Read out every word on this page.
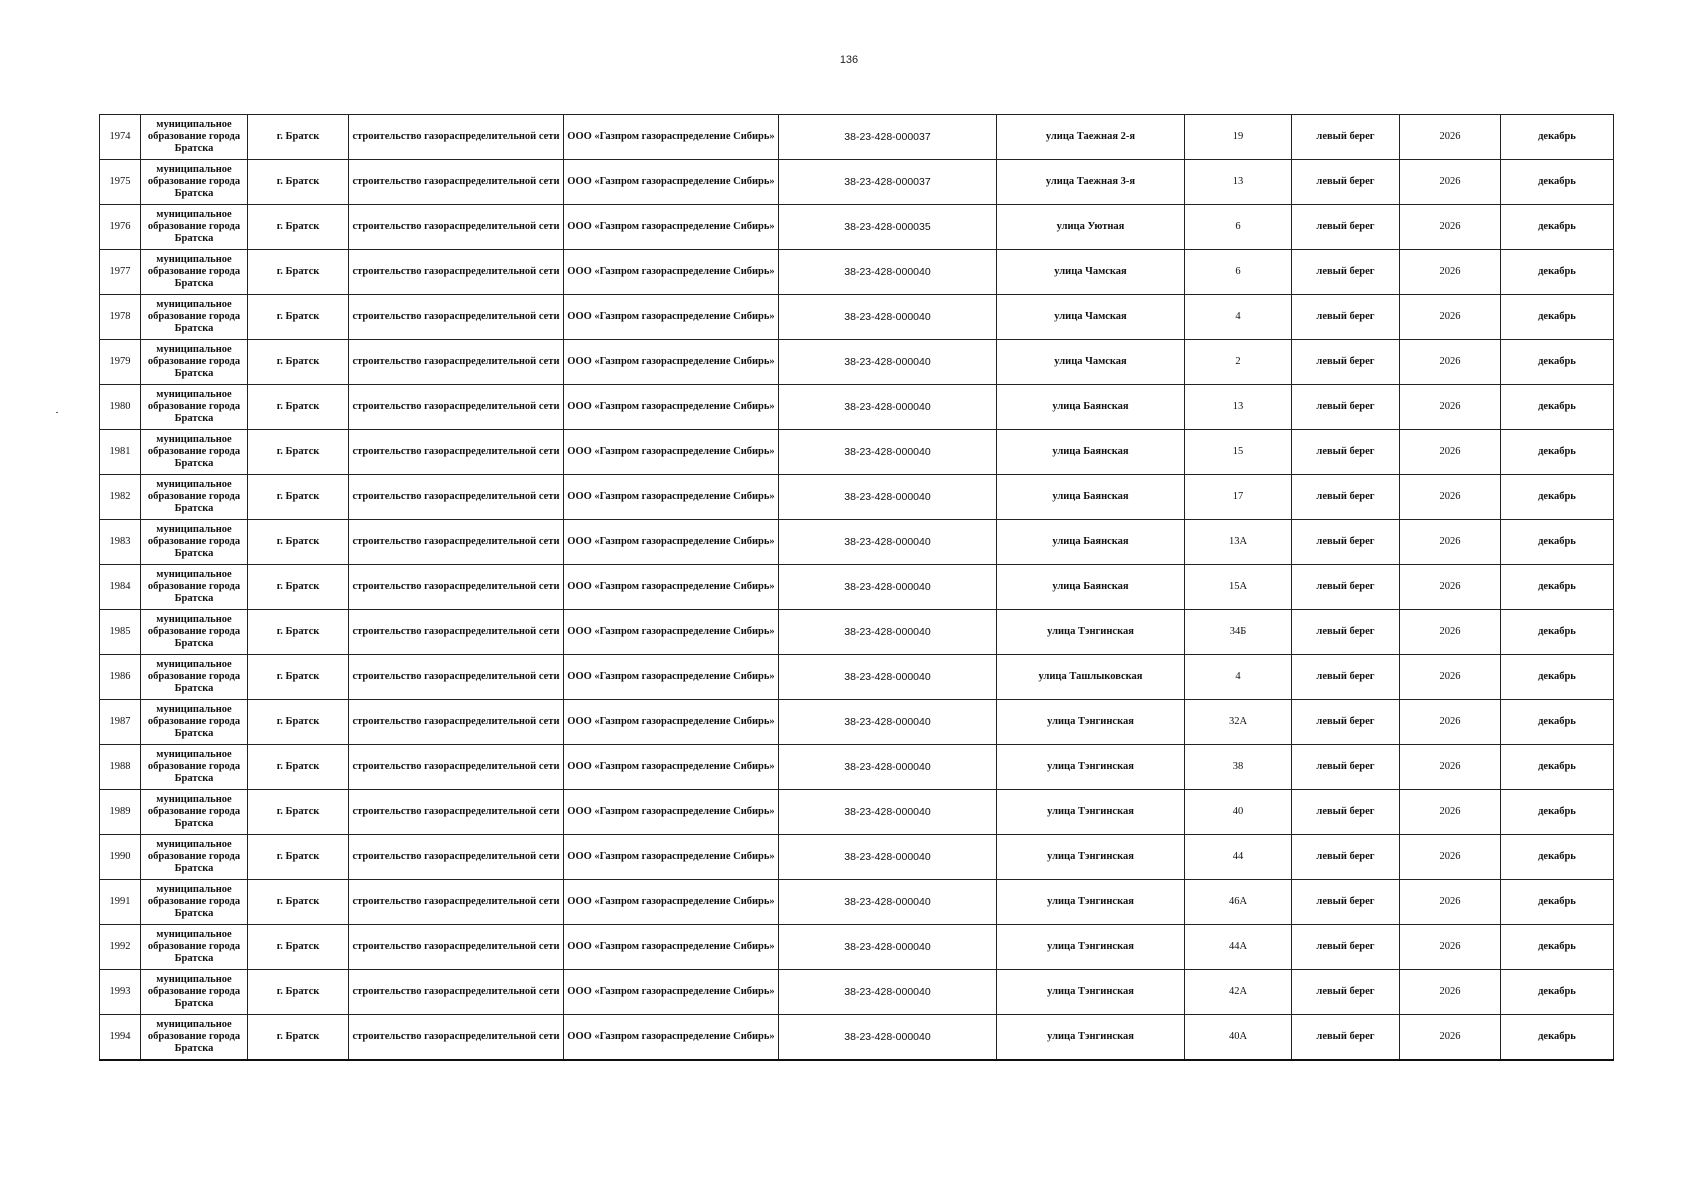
136
1974	муниципальное образование города Братска	г. Братск	строительство газораспределительной сети	ООО «Газпром газораспределение Сибирь»	38-23-428-000037	улица Таежная 2-я	19	левый берег	2026	декабрь
1975	муниципальное образование города Братска	г. Братск	строительство газораспределительной сети	ООО «Газпром газораспределение Сибирь»	38-23-428-000037	улица Таежная 3-я	13	левый берег	2026	декабрь
1976	муниципальное образование города Братска	г. Братск	строительство газораспределительной сети	ООО «Газпром газораспределение Сибирь»	38-23-428-000035	улица Уютная	6	левый берег	2026	декабрь
1977	муниципальное образование города Братска	г. Братск	строительство газораспределительной сети	ООО «Газпром газораспределение Сибирь»	38-23-428-000040	улица Чамская	6	левый берег	2026	декабрь
1978	муниципальное образование города Братска	г. Братск	строительство газораспределительной сети	ООО «Газпром газораспределение Сибирь»	38-23-428-000040	улица Чамская	4	левый берег	2026	декабрь
1979	муниципальное образование города Братска	г. Братск	строительство газораспределительной сети	ООО «Газпром газораспределение Сибирь»	38-23-428-000040	улица Чамская	2	левый берег	2026	декабрь
1980	муниципальное образование города Братска	г. Братск	строительство газораспределительной сети	ООО «Газпром газораспределение Сибирь»	38-23-428-000040	улица Баянская	13	левый берег	2026	декабрь
1981	муниципальное образование города Братска	г. Братск	строительство газораспределительной сети	ООО «Газпром газораспределение Сибирь»	38-23-428-000040	улица Баянская	15	левый берег	2026	декабрь
1982	муниципальное образование города Братска	г. Братск	строительство газораспределительной сети	ООО «Газпром газораспределение Сибирь»	38-23-428-000040	улица Баянская	17	левый берег	2026	декабрь
1983	муниципальное образование города Братска	г. Братск	строительство газораспределительной сети	ООО «Газпром газораспределение Сибирь»	38-23-428-000040	улица Баянская	13А	левый берег	2026	декабрь
1984	муниципальное образование города Братска	г. Братск	строительство газораспределительной сети	ООО «Газпром газораспределение Сибирь»	38-23-428-000040	улица Баянская	15А	левый берег	2026	декабрь
1985	муниципальное образование города Братска	г. Братск	строительство газораспределительной сети	ООО «Газпром газораспределение Сибирь»	38-23-428-000040	улица Тэнгинская	34Б	левый берег	2026	декабрь
1986	муниципальное образование города Братска	г. Братск	строительство газораспределительной сети	ООО «Газпром газораспределение Сибирь»	38-23-428-000040	улица Ташлыковская	4	левый берег	2026	декабрь
1987	муниципальное образование города Братска	г. Братск	строительство газораспределительной сети	ООО «Газпром газораспределение Сибирь»	38-23-428-000040	улица Тэнгинская	32А	левый берег	2026	декабрь
1988	муниципальное образование города Братска	г. Братск	строительство газораспределительной сети	ООО «Газпром газораспределение Сибирь»	38-23-428-000040	улица Тэнгинская	38	левый берег	2026	декабрь
1989	муниципальное образование города Братска	г. Братск	строительство газораспределительной сети	ООО «Газпром газораспределение Сибирь»	38-23-428-000040	улица Тэнгинская	40	левый берег	2026	декабрь
1990	муниципальное образование города Братска	г. Братск	строительство газораспределительной сети	ООО «Газпром газораспределение Сибирь»	38-23-428-000040	улица Тэнгинская	44	левый берег	2026	декабрь
1991	муниципальное образование города Братска	г. Братск	строительство газораспределительной сети	ООО «Газпром газораспределение Сибирь»	38-23-428-000040	улица Тэнгинская	46А	левый берег	2026	декабрь
1992	муниципальное образование города Братска	г. Братск	строительство газораспределительной сети	ООО «Газпром газораспределение Сибирь»	38-23-428-000040	улица Тэнгинская	44А	левый берег	2026	декабрь
1993	муниципальное образование города Братска	г. Братск	строительство газораспределительной сети	ООО «Газпром газораспределение Сибирь»	38-23-428-000040	улица Тэнгинская	42А	левый берег	2026	декабрь
1994	муниципальное образование города Братска	г. Братск	строительство газораспределительной сети	ООО «Газпром газораспределение Сибирь»	38-23-428-000040	улица Тэнгинская	40А	левый берег	2026	декабрь
